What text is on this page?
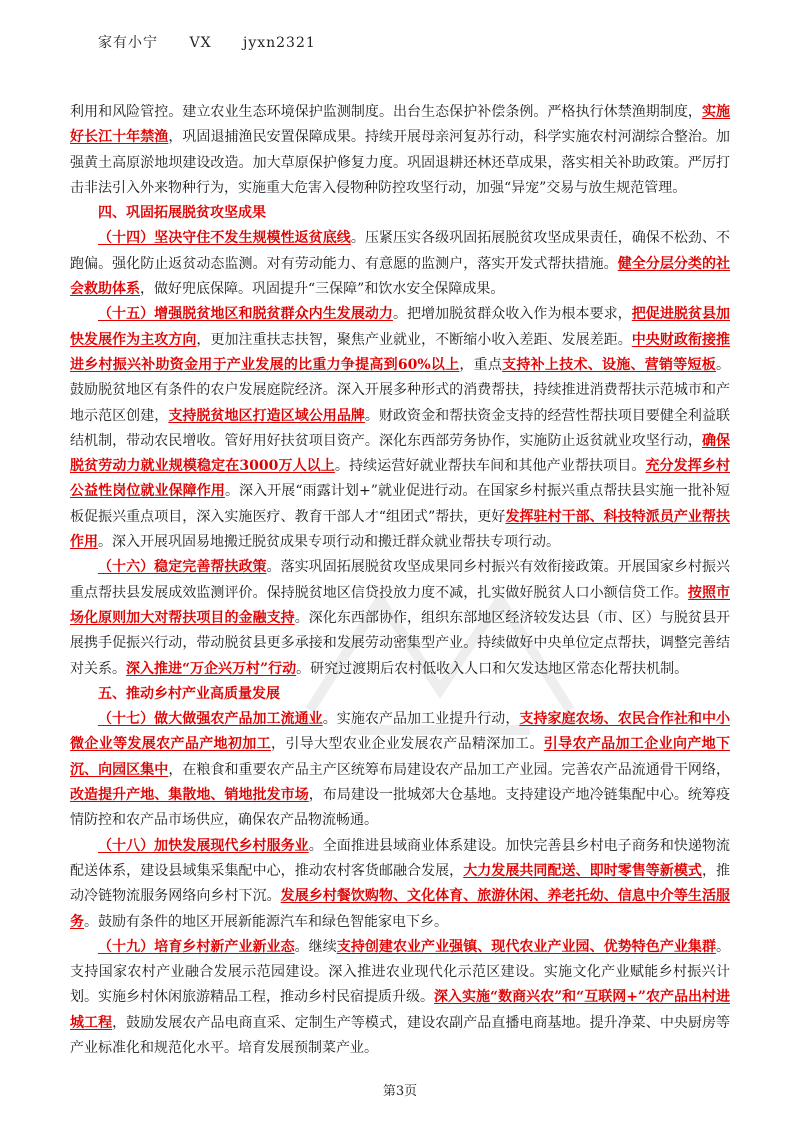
家有小宁 VX jyxn2321

利用和风险管控。建立农业生态环境保护监测制度。出台生态保护补偿条例。严格执行休禁渔期制度，实施好长江十年禁渔，巩固退捕渔民安置保障成果。持续开展母亲河复苏行动，科学实施农村河湖综合整治。加强黄土高原淤地坝建设改造。加大草原保护修复力度。巩固退耕还林还草成果，落实相关补助政策。严厉打击非法引入外来物种行为，实施重大危害入侵物种防控攻坚行动，加强“异宠”交易与放生规范管理。

四、巩固拓展脱贫攻坚成果

（十四）坚决守住不发生规模性返贫底线。压紧压实各级巩固拓展脱贫攻坚成果责任，确保不松劲、不跑偏。强化防止返贫动态监测。对有劳动能力、有意愿的监测户，落实开发式帮扶措施。健全分层分类的社会救助体系，做好兜底保障。巩固提升“三保障”和饮水安全保障成果。

（十五）增强脱贫地区和脱贫群众内生发展动力。把增加脱贫群众收入作为根本要求，把促进脱贫县加快发展作为主攻方向，更加注重扶志扶智，聚焦产业就业，不断缩小收入差距、发展差距。中央财政衔接推进乡村振兴补助资金用于产业发展的比重力争提高到60%以上，重点支持补上技术、设施、营销等短板。鼓励脱贫地区有条件的农户发展庭院经济。深入开展多种形式的消费帮扶，持续推进消费帮扶示范城市和产地示范区创建，支持脱贫地区打造区域公用品牌。财政资金和帮扶资金支持的经营性帮扶项目要健全利益联结机制，带动农民增收。管好用好扶贫项目资产。深化东西部劳务协作，实施防止返贫就业攻坚行动，确保脱贫劳动力就业规模稳定在3000万人以上。持续运营好就业帮扶车间和其他产业帮扶项目。充分发挥乡村公益性岗位就业保障作用。深入开展“雨露计划+”就业促进行动。在国家乡村振兴重点帮扶县实施一批补短板促振兴重点项目，深入实施医疗、教育干部人才“组团式”帮扶，更好发挥驻村干部、科技特派员产业帮扶作用。深入开展巩固易地搬迁脱贫成果专项行动和搬迁群众就业帮扶专项行动。

（十六）稳定完善帮扶政策。落实巩固拓展脱贫攻坚成果同乡村振兴有效衔接政策。开展国家乡村振兴重点帮扶县发展成效监测评价。保持脱贫地区信贷投放力度不减，扎实做好脱贫人口小额信贷工作。按照市场化原则加大对帮扶项目的金融支持。深化东西部协作，组织东部地区经济较发达县（市、区）与脱贫县开展携手促振兴行动，带动脱贫县更多承接和发展劳动密集型产业。持续做好中央单位定点帮扶，调整完善结对关系。深入推进“万企兴万村”行动。研究过渡期后农村低收入人口和欠发达地区常态化帮扶机制。

五、推动乡村产业高质量发展

（十七）做大做强农产品加工流通业。实施农产品加工业提升行动，支持家庭农场、农民合作社和中小微企业等发展农产品产地初加工，引导大型农业企业发展农产品精深加工。引导农产品加工企业向产地下沉、向园区集中，在粮食和重要农产品主产区统筹布局建设农产品加工产业园。完善农产品流通骨干网络，改造提升产地、集散地、销地批发市场，布局建设一批城郊大仓基地。支持建设产地冷链集配中心。统筹疫情防控和农产品市场供应，确保农产品物流畅通。

（十八）加快发展现代乡村服务业。全面推进县域商业体系建设。加快完善县乡村电子商务和快递物流配送体系，建设县域集采集配中心，推动农村客货邮融合发展，大力发展共同配送、即时零售等新模式，推动冷链物流服务网络向乡村下沉。发展乡村餐饮购物、文化体育、旅游休闲、养老托幼、信息中介等生活服务。鼓励有条件的地区开展新能源汽车和绿色智能家电下乡。

（十九）培育乡村新产业新业态。继续支持创建农业产业强镇、现代农业产业园、优势特色产业集群。支持国家农村产业融合发展示范园建设。深入推进农业现代化示范区建设。实施文化产业赋能乡村振兴计划。实施乡村休闲旅游精品工程，推动乡村民宿提质升级。深入实施“数商兴农”和“互联网+”农产品出村进城工程，鼓励发展农产品电商直采、定制生产等模式，建设农副产品直播电商基地。提升净菜、中央厨房等产业标准化和规范化水平。培育发展预制菜产业。

第3页
